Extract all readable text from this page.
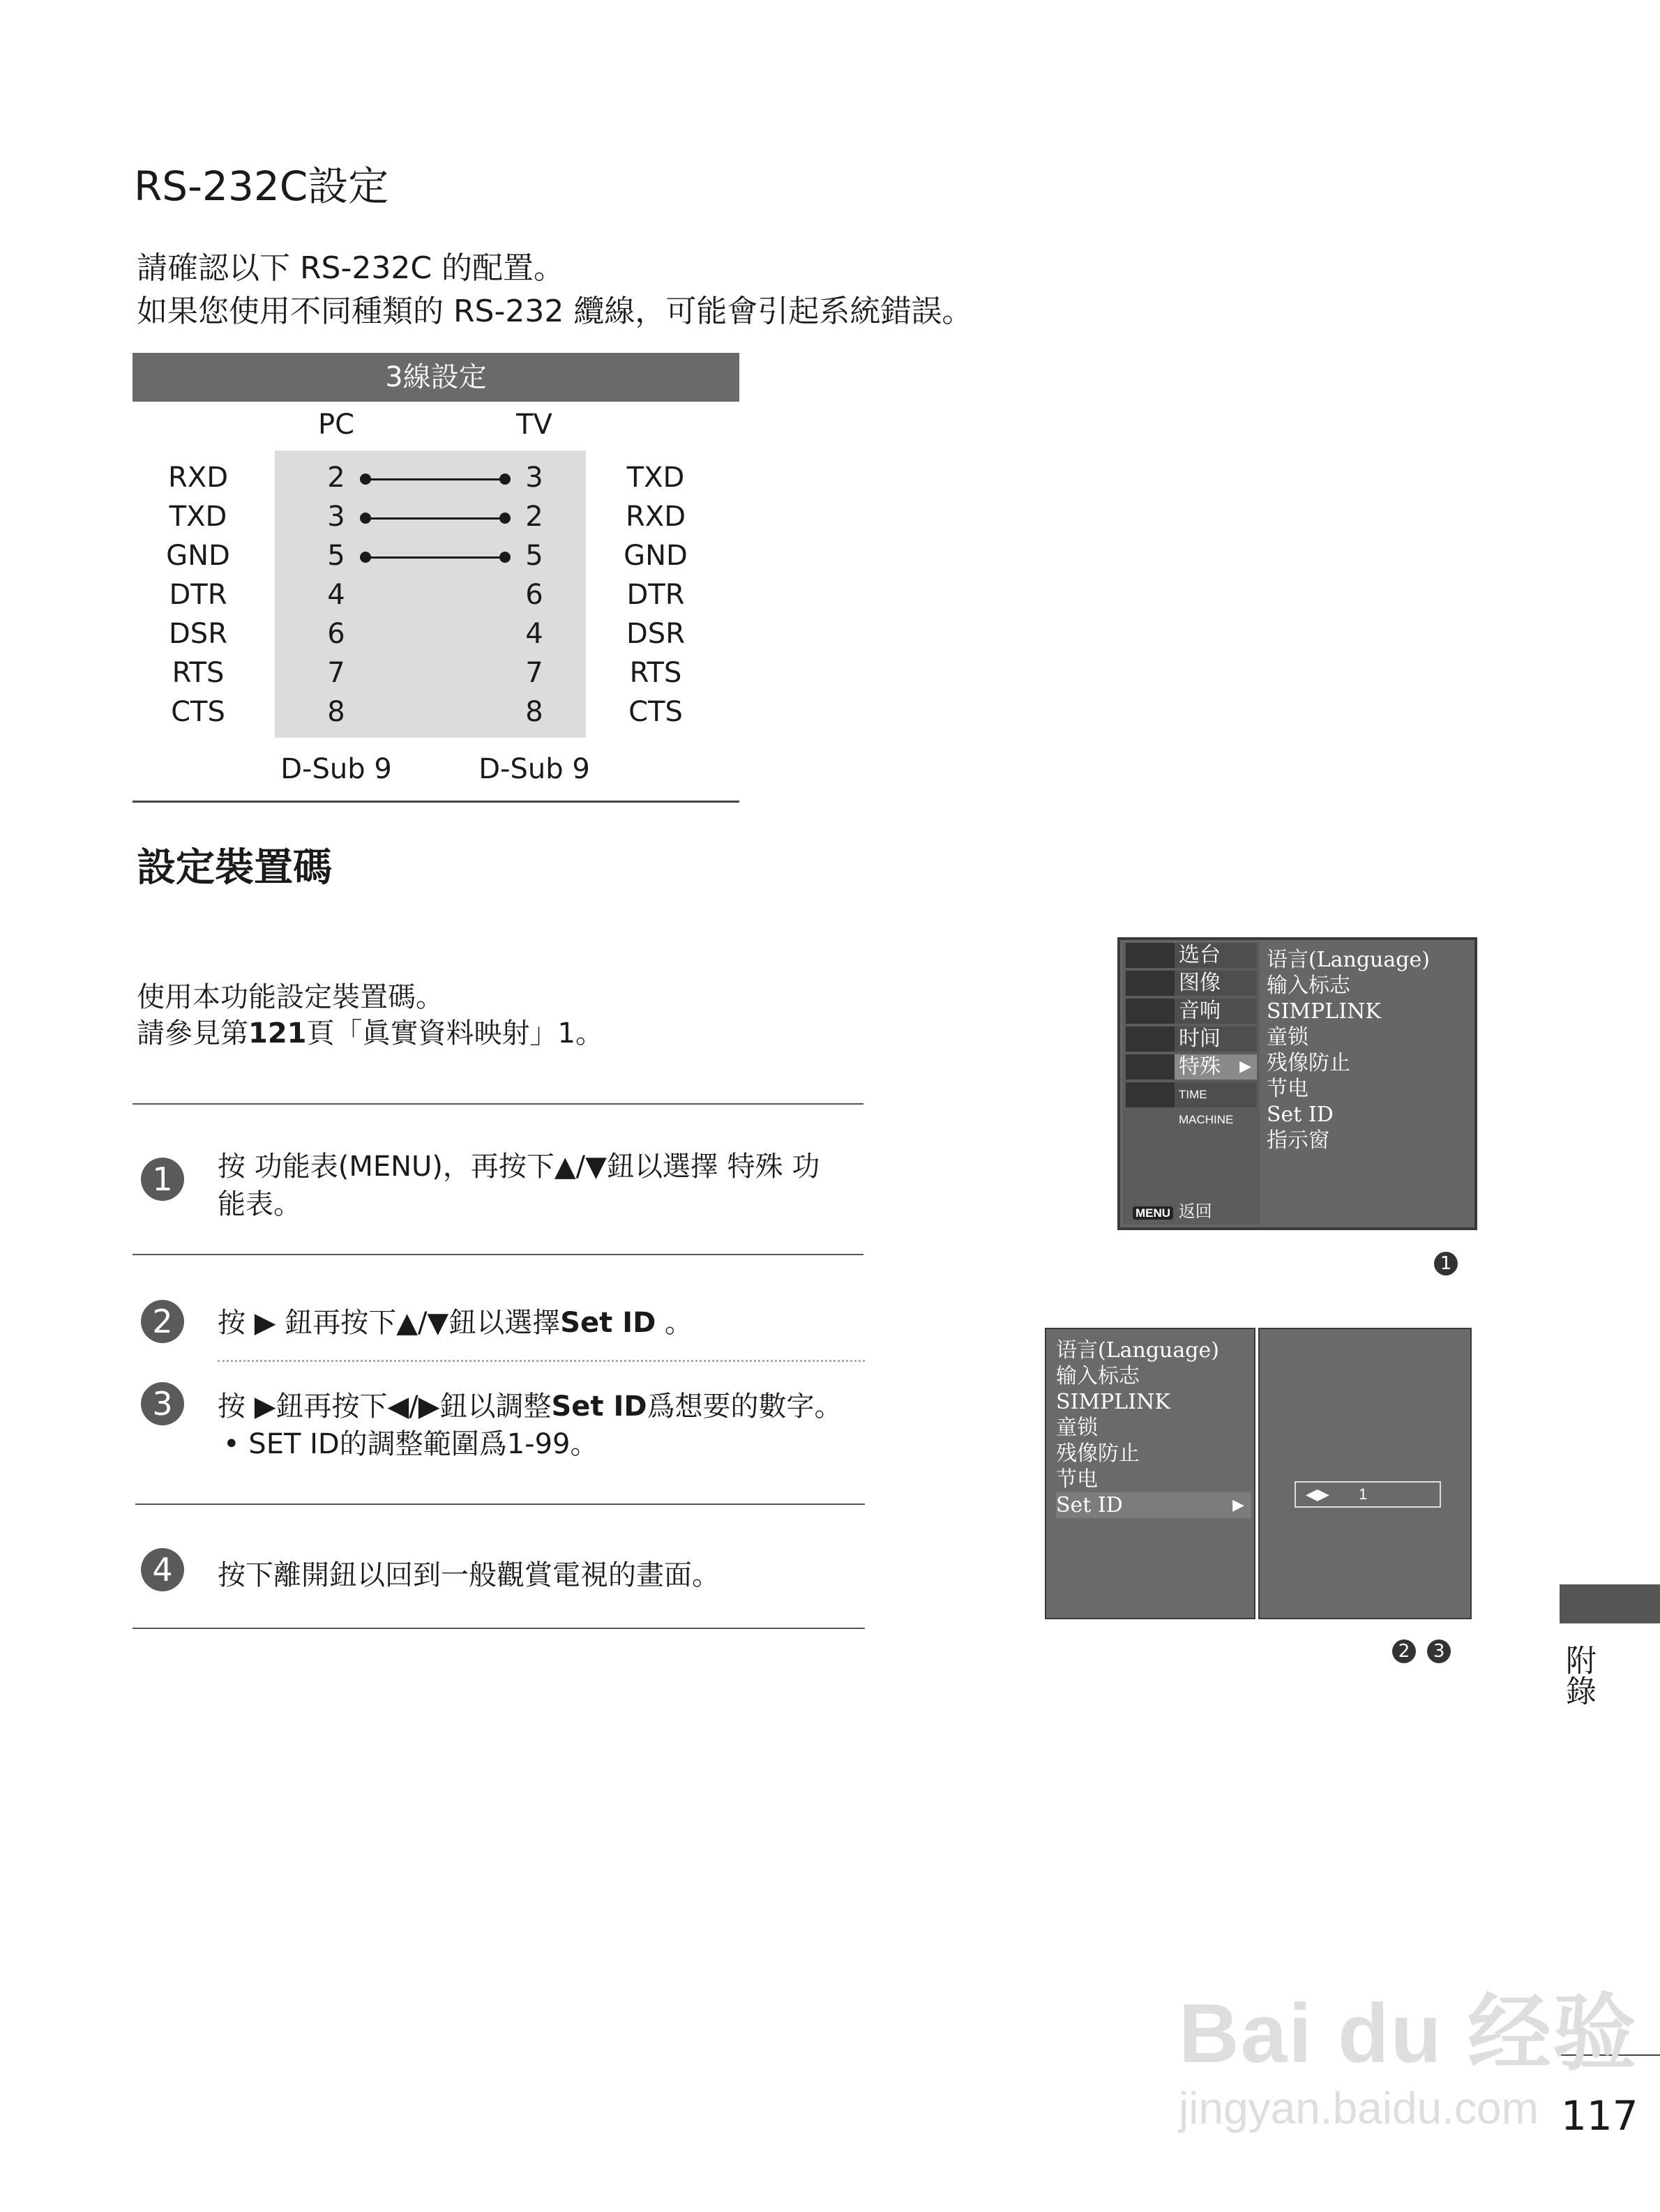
RS-232C設定
請確認以下 RS-232C 的配置。
如果您使用不同種類的 RS-232 纜線，可能會引起系統錯誤。
3線設定
PC	TV
RXD	2	3	TXD
TXD	3	2	RXD
GND	5	5	GND
DTR	4	6	DTR
DSR	6	4	DSR
RTS	7	7	RTS
CTS	8	8	CTS
D-Sub 9	D-Sub 9
設定裝置碼
使用本功能設定裝置碼。
請參見第121頁「眞實資料映射」1。
1	按 功能表(MENU)，再按下▲/▼鈕以選擇 特殊 功
能表。
2	按 ▶ 鈕再按下▲/▼鈕以選擇Set ID 。
3	按 ▶鈕再按下◀/▶鈕以調整Set ID爲想要的數字。
• SET ID的調整範圍爲1-99。
4	按下離開鈕以回到一般觀賞電視的畫面。
选台
图像
音响
时间
特殊 ▶
TIME MACHINE
MENU 返回
语言(Language)
输入标志
SIMPLINK
童锁
残像防止
节电
Set ID
指示窗
1
语言(Language)
输入标志
SIMPLINK
童锁
残像防止
节电
Set ID	▶
◀▶ 1
2 3	附錄
117
Bai du 经验
jingyan.baidu.com
